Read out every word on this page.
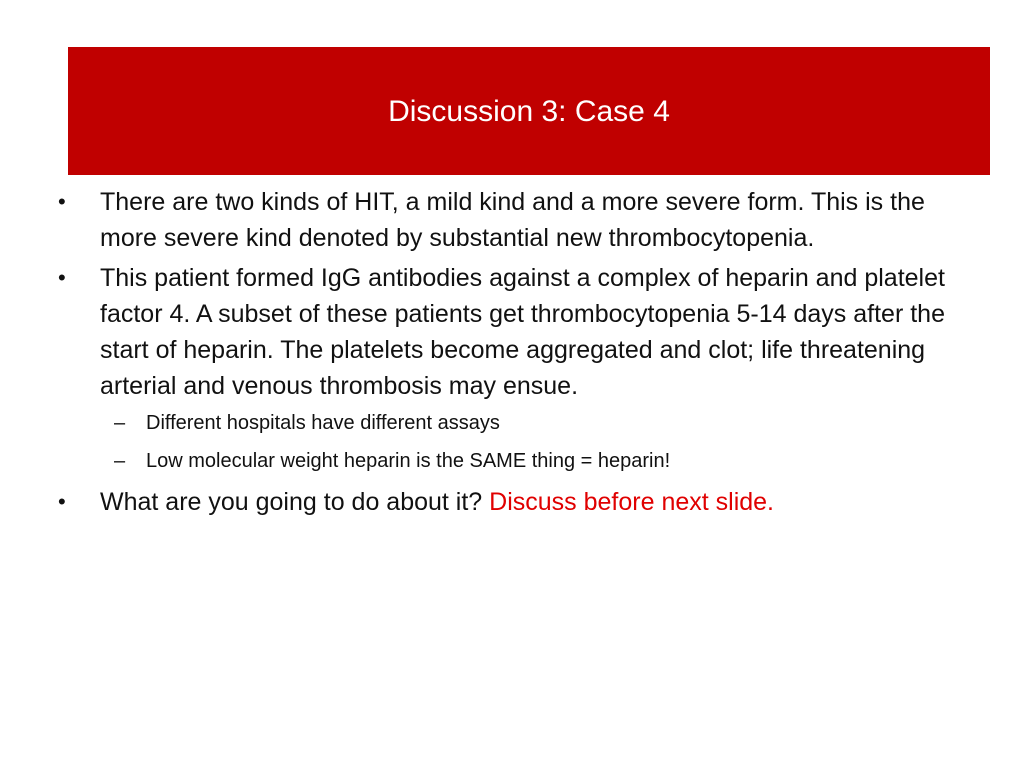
Discussion 3: Case 4
•	There are two kinds of HIT, a mild kind and a more severe form. This is the more severe kind denoted by substantial new thrombocytopenia.
•	This patient formed IgG antibodies against a complex of heparin and platelet factor 4. A subset of these patients get thrombocytopenia 5-14 days after the start of heparin. The platelets become aggregated and clot; life threatening arterial and venous thrombosis may ensue.
–	Different hospitals have different assays
–	Low molecular weight heparin is the SAME thing = heparin!
•	What are you going to do about it? Discuss before next slide.
